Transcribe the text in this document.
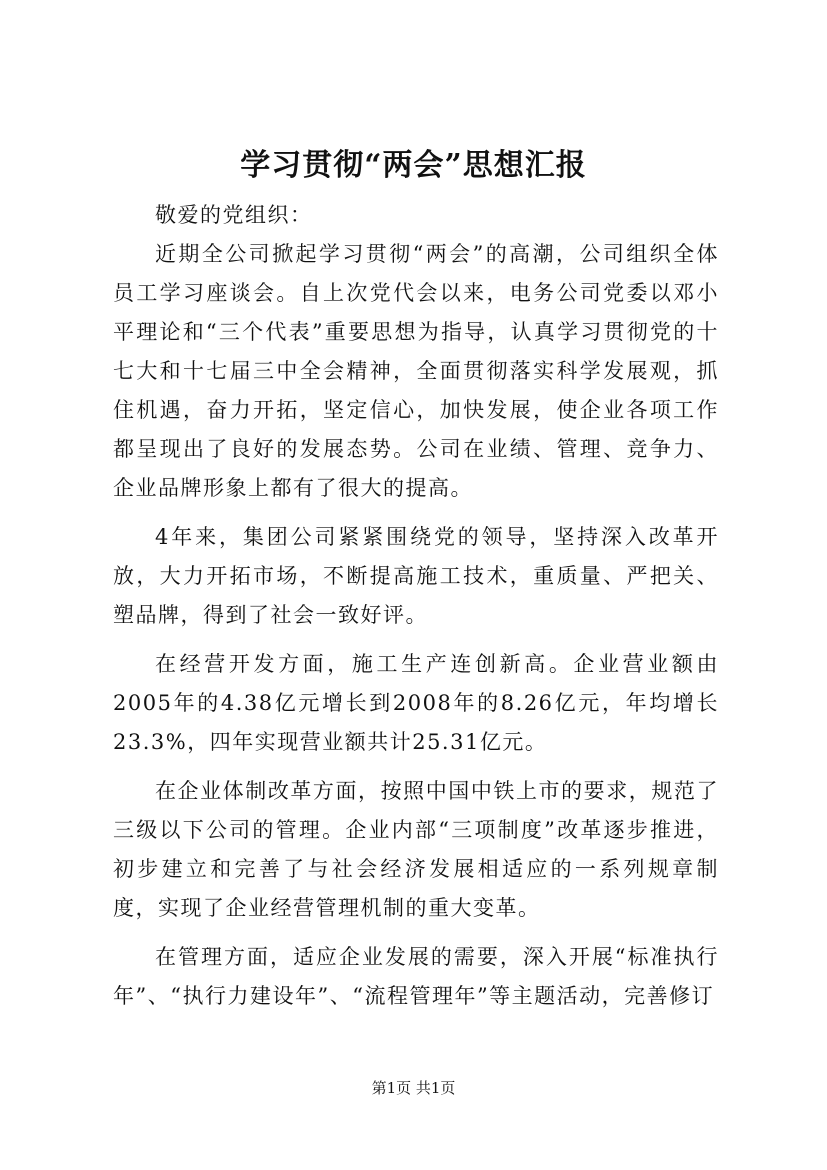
学习贯彻“两会”思想汇报

敬爱的党组织：

近期全公司掀起学习贯彻“两会”的高潮，公司组织全体员工学习座谈会。自上次党代会以来，电务公司党委以邓小平理论和“三个代表”重要思想为指导，认真学习贯彻党的十七大和十七届三中全会精神，全面贯彻落实科学发展观，抓住机遇，奋力开拓，坚定信心，加快发展，使企业各项工作都呈现出了良好的发展态势。公司在业绩、管理、竞争力、企业品牌形象上都有了很大的提高。

4年来，集团公司紧紧围绕党的领导，坚持深入改革开放，大力开拓市场，不断提高施工技术，重质量、严把关、塑品牌，得到了社会一致好评。

在经营开发方面，施工生产连创新高。企业营业额由2005年的4.38亿元增长到2008年的8.26亿元，年均增长23.3%，四年实现营业额共计25.31亿元。

在企业体制改革方面，按照中国中铁上市的要求，规范了三级以下公司的管理。企业内部“三项制度”改革逐步推进，初步建立和完善了与社会经济发展相适应的一系列规章制度，实现了企业经营管理机制的重大变革。

在管理方面，适应企业发展的需要，深入开展“标准执行年”、“执行力建设年”、“流程管理年”等主题活动，完善修订

第1页 共1页
